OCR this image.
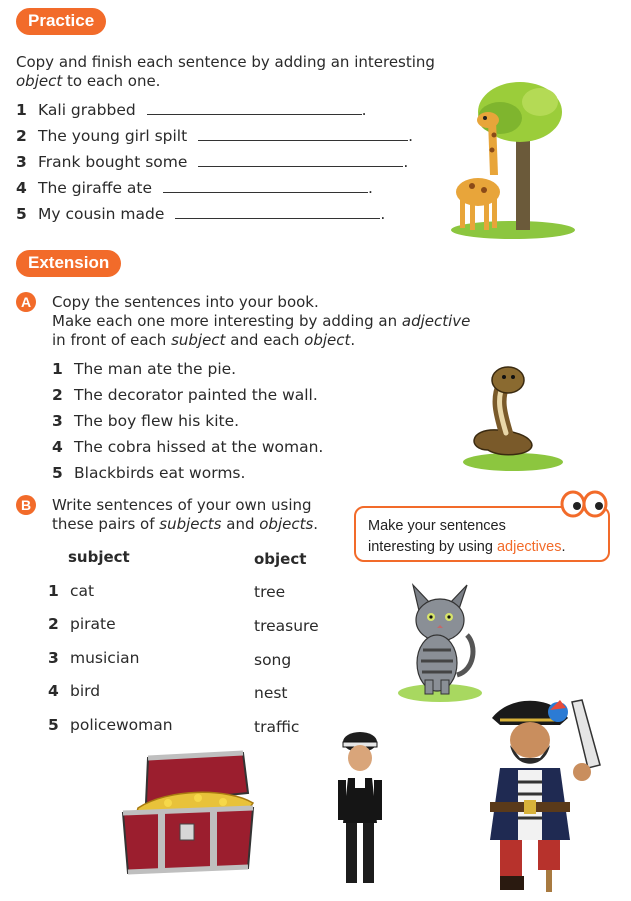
Practice
Copy and finish each sentence by adding an interesting
object to each one.
1 Kali grabbed	.
2 The young girl spilt	.
3 Frank bought some	.
4 The giraffe ate	.
5 My cousin made	.
Extension
A	Copy the sentences into your book.
Make each one more interesting by adding an adjective
in front of each subject and each object.
1 The man ate the pie.
2 The decorator painted the wall.
3 The boy flew his kite.
4 The cobra hissed at the woman.
5 Blackbirds eat worms.
B	Write sentences of your own using
these pairs of subjects and objects.	Make your sentences
interesting by using adjectives.
subject	object
1 cat	tree
2 pirate	treasure
3 musician	song
4 bird	nest
5 policewoman	traffic
